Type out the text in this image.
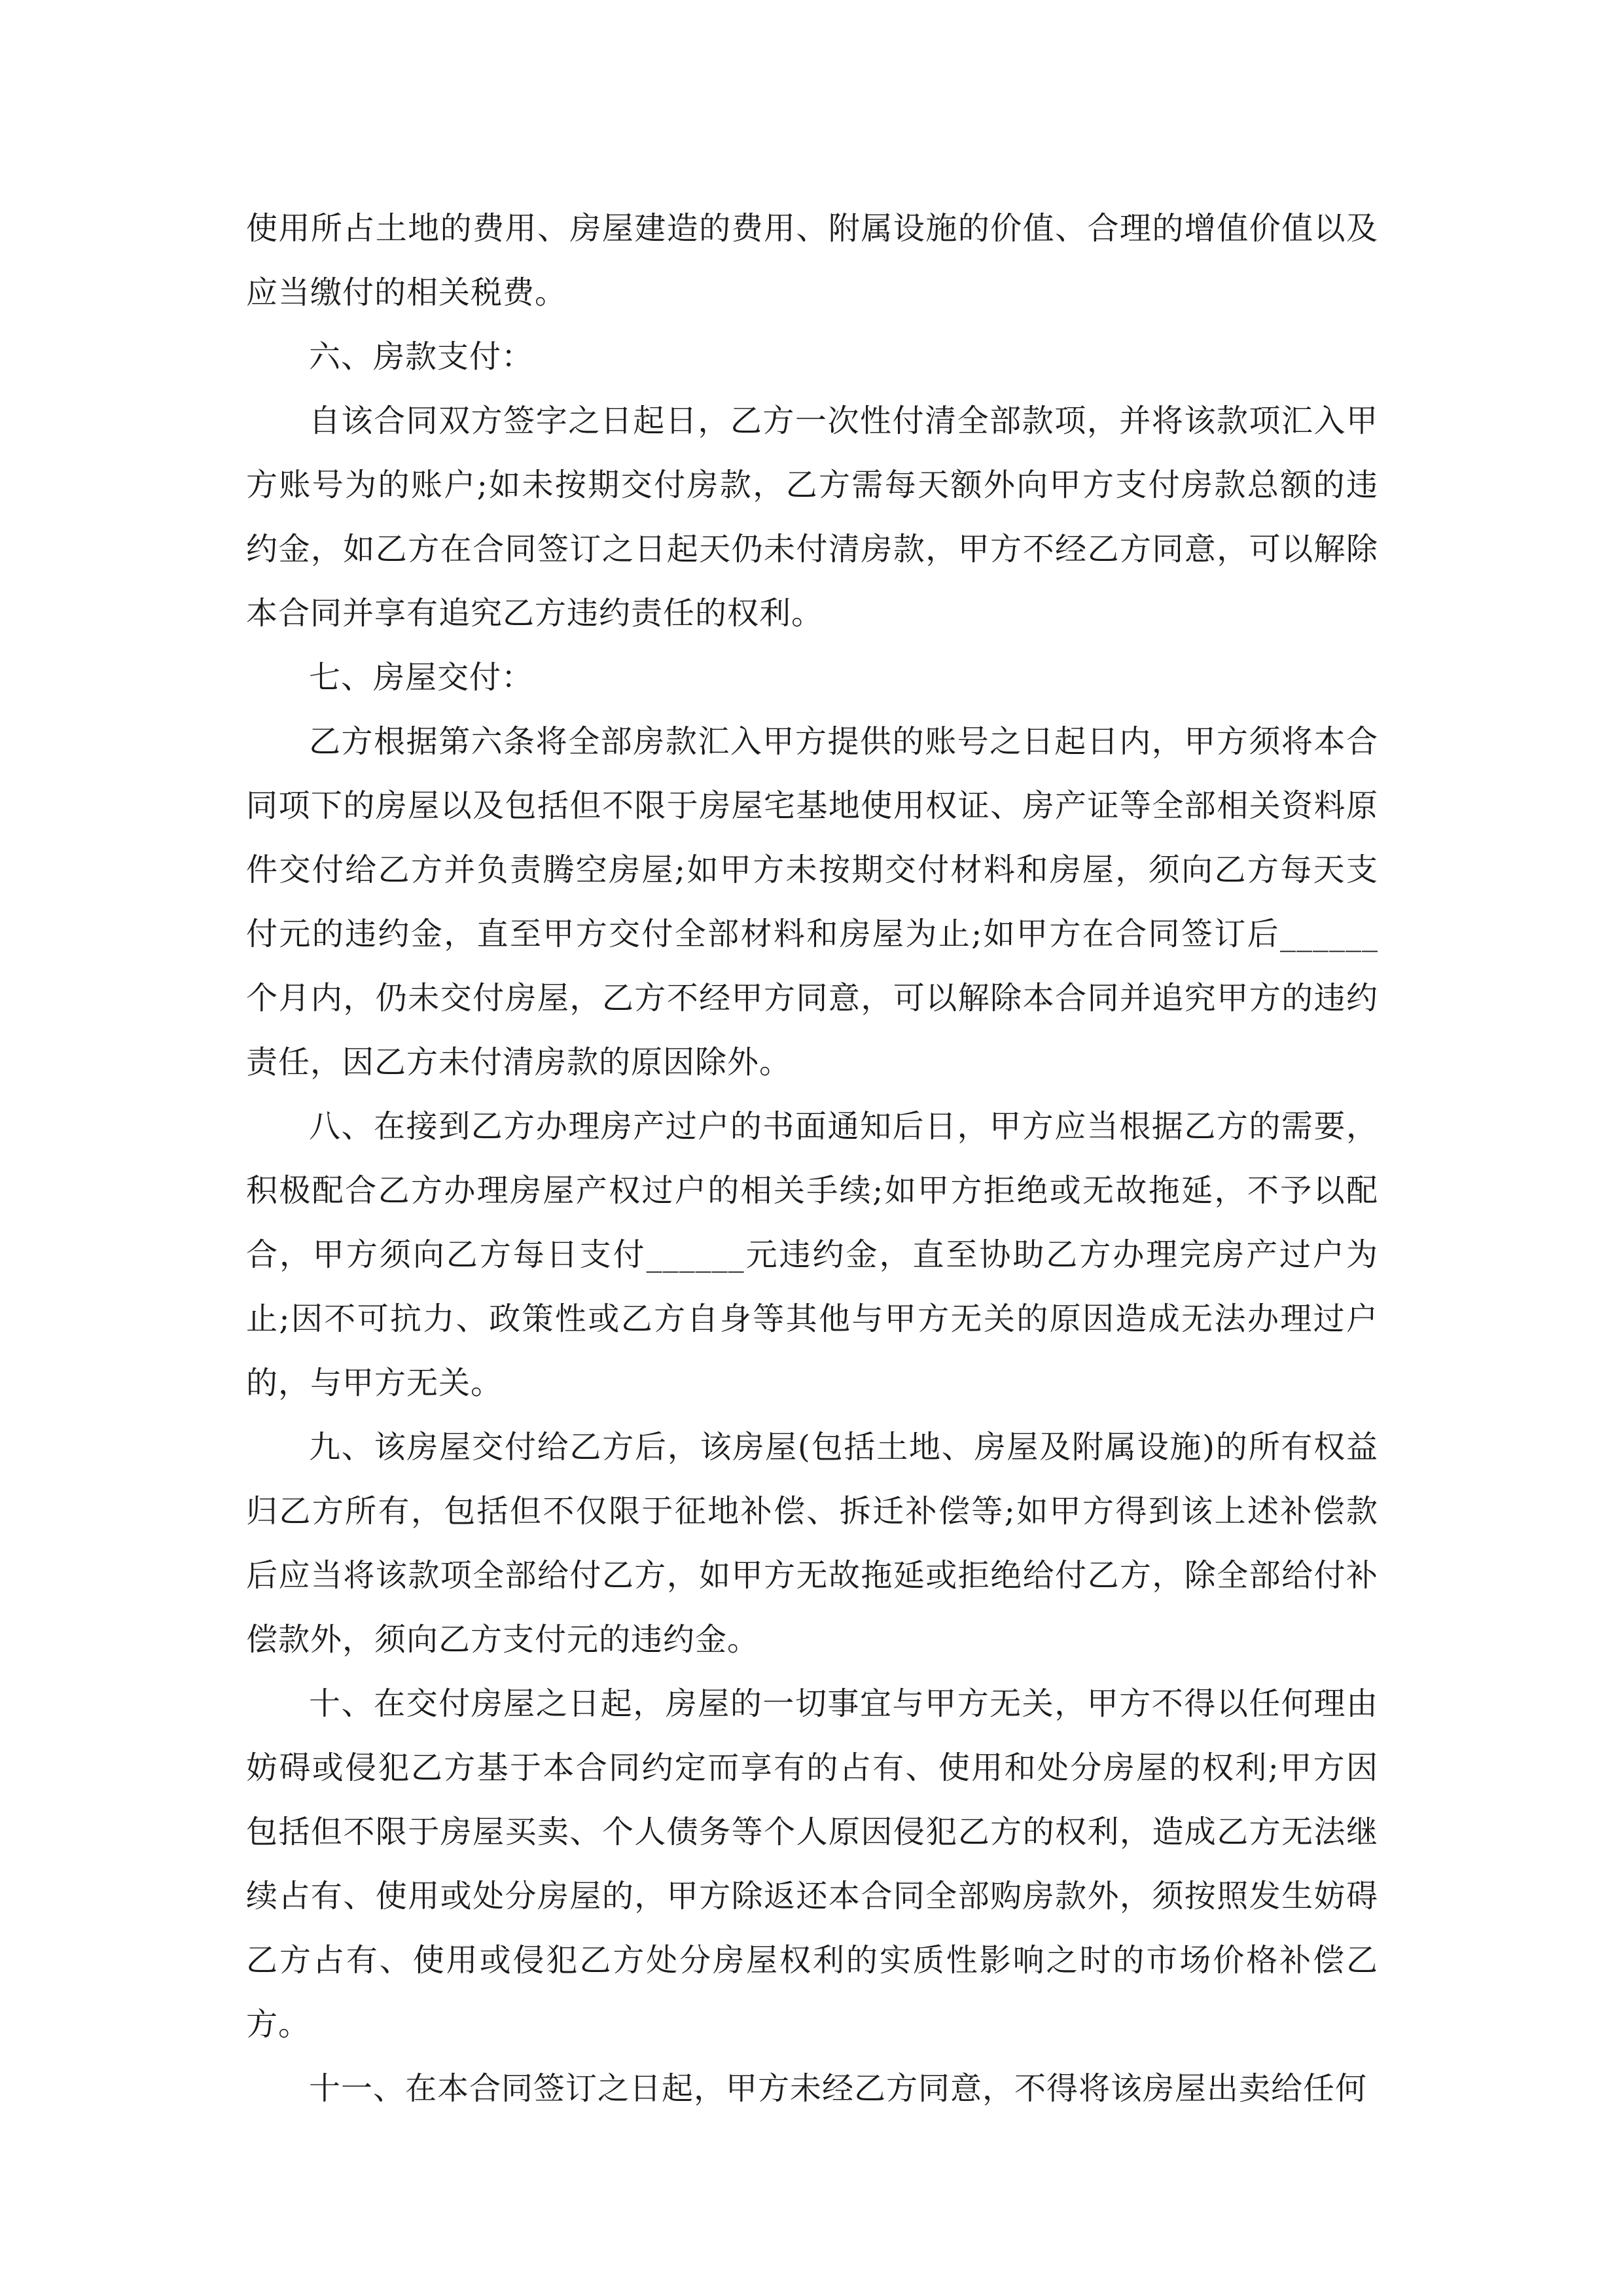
使用所占土地的费用、房屋建造的费用、附属设施的价值、合理的增值价值以及应当缴付的相关税费。

六、房款支付：

自该合同双方签字之日起日，乙方一次性付清全部款项，并将该款项汇入甲方账号为的账户;如未按期交付房款，乙方需每天额外向甲方支付房款总额的违约金，如乙方在合同签订之日起天仍未付清房款，甲方不经乙方同意，可以解除本合同并享有追究乙方违约责任的权利。

七、房屋交付：

乙方根据第六条将全部房款汇入甲方提供的账号之日起日内，甲方须将本合同项下的房屋以及包括但不限于房屋宅基地使用权证、房产证等全部相关资料原件交付给乙方并负责腾空房屋;如甲方未按期交付材料和房屋，须向乙方每天支付元的违约金，直至甲方交付全部材料和房屋为止;如甲方在合同签订后______个月内，仍未交付房屋，乙方不经甲方同意，可以解除本合同并追究甲方的违约责任，因乙方未付清房款的原因除外。

八、在接到乙方办理房产过户的书面通知后日，甲方应当根据乙方的需要，积极配合乙方办理房屋产权过户的相关手续;如甲方拒绝或无故拖延，不予以配合，甲方须向乙方每日支付______元违约金，直至协助乙方办理完房产过户为止;因不可抗力、政策性或乙方自身等其他与甲方无关的原因造成无法办理过户的，与甲方无关。

九、该房屋交付给乙方后，该房屋(包括土地、房屋及附属设施)的所有权益归乙方所有，包括但不仅限于征地补偿、拆迁补偿等;如甲方得到该上述补偿款后应当将该款项全部给付乙方，如甲方无故拖延或拒绝给付乙方，除全部给付补偿款外，须向乙方支付元的违约金。

十、在交付房屋之日起，房屋的一切事宜与甲方无关，甲方不得以任何理由妨碍或侵犯乙方基于本合同约定而享有的占有、使用和处分房屋的权利;甲方因包括但不限于房屋买卖、个人债务等个人原因侵犯乙方的权利，造成乙方无法继续占有、使用或处分房屋的，甲方除返还本合同全部购房款外，须按照发生妨碍乙方占有、使用或侵犯乙方处分房屋权利的实质性影响之时的市场价格补偿乙方。

十一、在本合同签订之日起，甲方未经乙方同意，不得将该房屋出卖给任何
